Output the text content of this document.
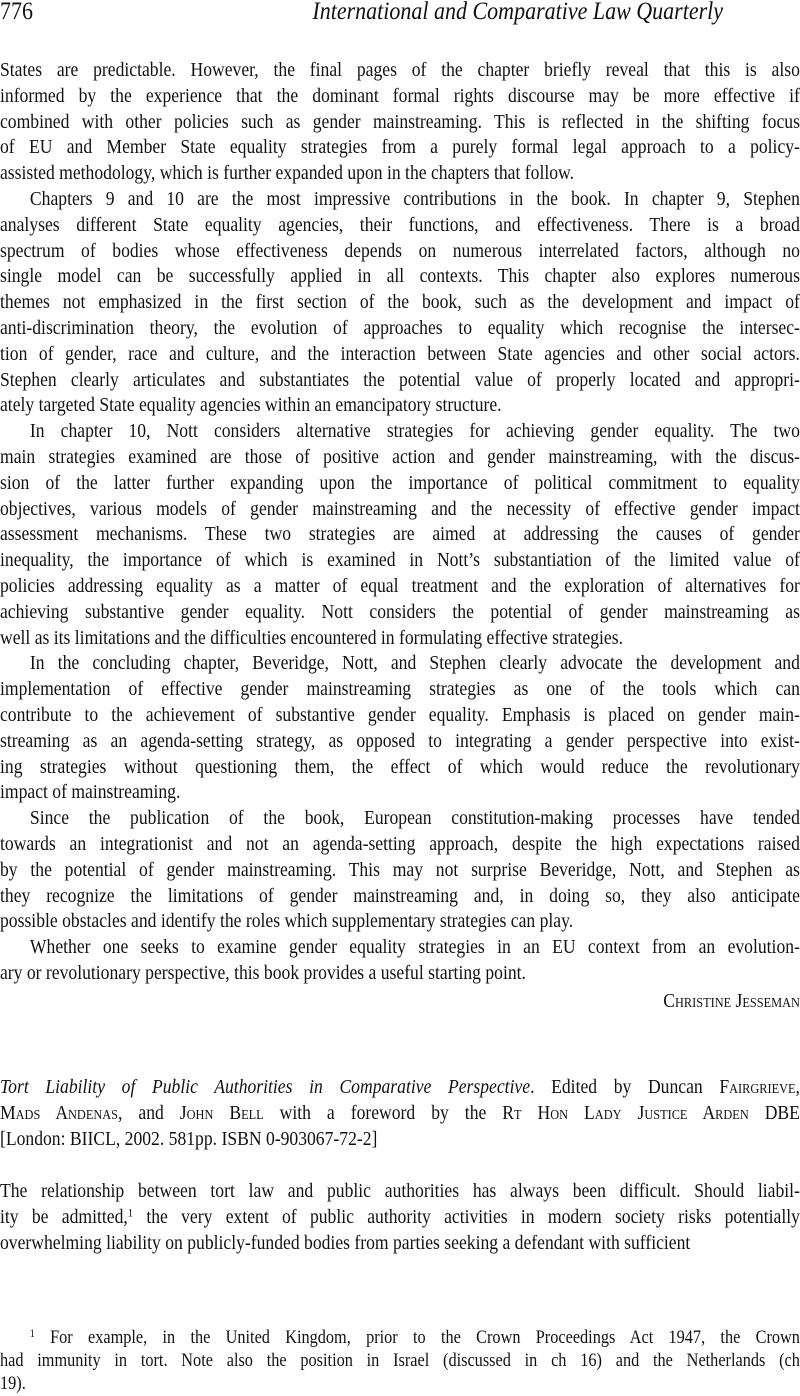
776	International and Comparative Law Quarterly
States are predictable. However, the final pages of the chapter briefly reveal that this is also
informed by the experience that the dominant formal rights discourse may be more effective if
combined with other policies such as gender mainstreaming. This is reflected in the shifting focus
of EU and Member State equality strategies from a purely formal legal approach to a policy-
assisted methodology, which is further expanded upon in the chapters that follow.
Chapters 9 and 10 are the most impressive contributions in the book. In chapter 9, Stephen
analyses different State equality agencies, their functions, and effectiveness. There is a broad
spectrum of bodies whose effectiveness depends on numerous interrelated factors, although no
single model can be successfully applied in all contexts. This chapter also explores numerous
themes not emphasized in the first section of the book, such as the development and impact of
anti-discrimination theory, the evolution of approaches to equality which recognise the intersec-
tion of gender, race and culture, and the interaction between State agencies and other social actors.
Stephen clearly articulates and substantiates the potential value of properly located and appropri-
ately targeted State equality agencies within an emancipatory structure.
In chapter 10, Nott considers alternative strategies for achieving gender equality. The two
main strategies examined are those of positive action and gender mainstreaming, with the discus-
sion of the latter further expanding upon the importance of political commitment to equality
objectives, various models of gender mainstreaming and the necessity of effective gender impact
assessment mechanisms. These two strategies are aimed at addressing the causes of gender
inequality, the importance of which is examined in Nott’s substantiation of the limited value of
policies addressing equality as a matter of equal treatment and the exploration of alternatives for
achieving substantive gender equality. Nott considers the potential of gender mainstreaming as
well as its limitations and the difficulties encountered in formulating effective strategies.
In the concluding chapter, Beveridge, Nott, and Stephen clearly advocate the development and
implementation of effective gender mainstreaming strategies as one of the tools which can
contribute to the achievement of substantive gender equality. Emphasis is placed on gender main-
streaming as an agenda-setting strategy, as opposed to integrating a gender perspective into exist-
ing strategies without questioning them, the effect of which would reduce the revolutionary
impact of mainstreaming.
Since the publication of the book, European constitution-making processes have tended
towards an integrationist and not an agenda-setting approach, despite the high expectations raised
by the potential of gender mainstreaming. This may not surprise Beveridge, Nott, and Stephen as
they recognize the limitations of gender mainstreaming and, in doing so, they also anticipate
possible obstacles and identify the roles which supplementary strategies can play.
Whether one seeks to examine gender equality strategies in an EU context from an evolution-
ary or revolutionary perspective, this book provides a useful starting point.
Christine Jesseman
Tort Liability of Public Authorities in Comparative Perspective. Edited by Duncan Fairgrieve,
Mads Andenas, and John Bell with a foreword by the Rt Hon Lady Justice Arden DBE
[London: BIICL, 2002. 581pp. ISBN 0-903067-72-2]
The relationship between tort law and public authorities has always been difficult. Should liabil-
ity be admitted,$^1$ the very extent of public authority activities in modern society risks potentially
overwhelming liability on publicly-funded bodies from parties seeking a defendant with sufficient
$^1$ For example, in the United Kingdom, prior to the Crown Proceedings Act 1947, the Crown
had immunity in tort. Note also the position in Israel (discussed in ch 16) and the Netherlands (ch
19).
